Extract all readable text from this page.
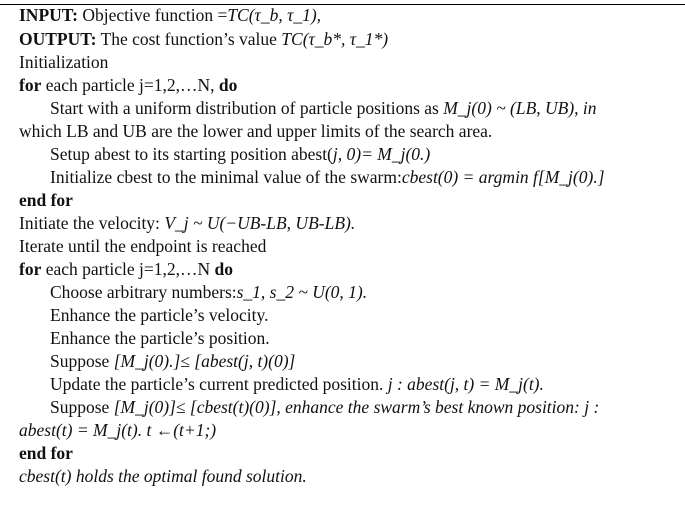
INPUT: Objective function =TC(τ_b, τ_1),
OUTPUT: The cost function’s value TC(τ_b*, τ_1*)
Initialization
for each particle j=1,2,…N, do
Start with a uniform distribution of particle positions as M_j(0) ~ (LB, UB), in
which LB and UB are the lower and upper limits of the search area.
Setup abest to its starting position abest(j, 0)= M_j(0.)
Initialize cbest to the minimal value of the swarm:cbest(0) = argmin f[M_j(0).]
end for
Initiate the velocity: V_j ~ U(−UB-LB, UB-LB).
Iterate until the endpoint is reached
for each particle j=1,2,…N do
Choose arbitrary numbers:s_1, s_2 ~ U(0, 1).
Enhance the particle’s velocity.
Enhance the particle’s position.
Suppose [M_j(0).]≤ [abest(j, t)(0)]
Update the particle’s current predicted position. j : abest(j, t) = M_j(t).
Suppose [M_j(0)]≤ [cbest(t)(0)], enhance the swarm’s best known position: j :
abest(t) = M_j(t). t ←(t+1;)
end for
cbest(t) holds the optimal found solution.
